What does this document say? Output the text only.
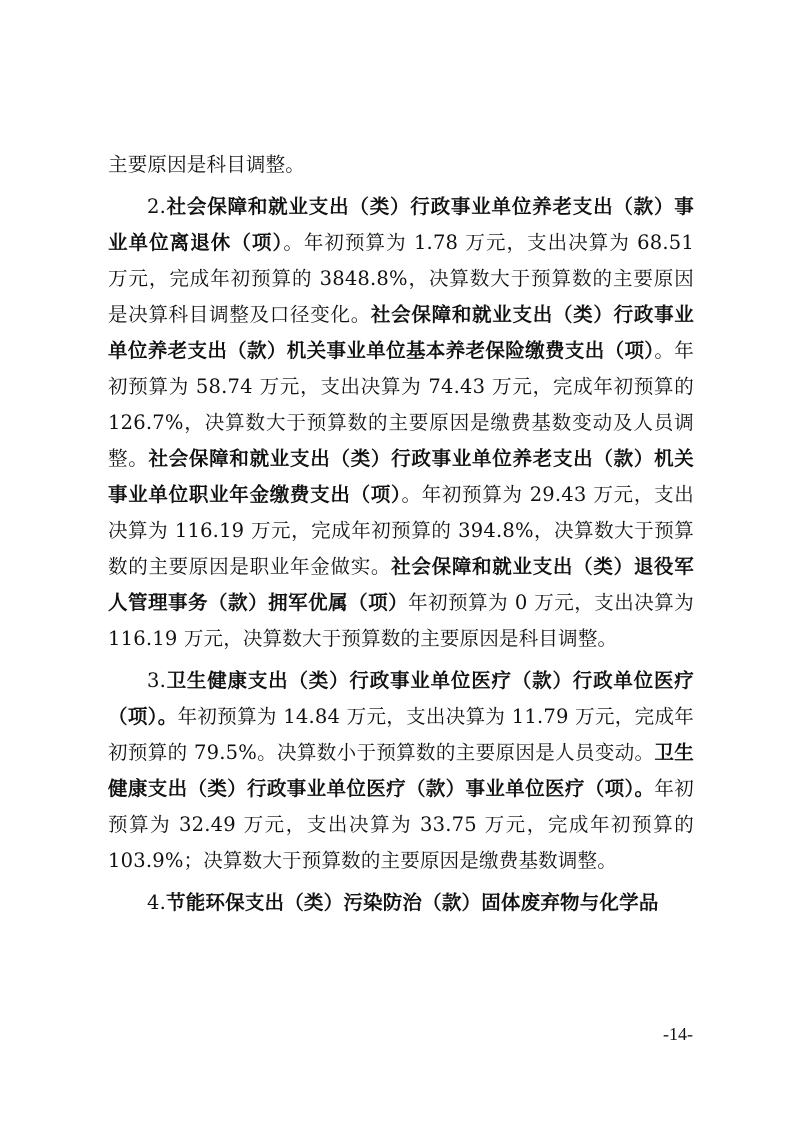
主要原因是科目调整。

2.社会保障和就业支出（类）行政事业单位养老支出（款）事业单位离退休（项）。年初预算为 1.78 万元，支出决算为 68.51 万元，完成年初预算的 3848.8%，决算数大于预算数的主要原因是决算科目调整及口径变化。社会保障和就业支出（类）行政事业单位养老支出（款）机关事业单位基本养老保险缴费支出（项）。年初预算为 58.74 万元，支出决算为 74.43 万元，完成年初预算的 126.7%，决算数大于预算数的主要原因是缴费基数变动及人员调整。社会保障和就业支出（类）行政事业单位养老支出（款）机关事业单位职业年金缴费支出（项）。年初预算为 29.43 万元，支出决算为 116.19 万元，完成年初预算的 394.8%，决算数大于预算数的主要原因是职业年金做实。社会保障和就业支出（类）退役军人管理事务（款）拥军优属（项）年初预算为 0 万元，支出决算为 116.19 万元，决算数大于预算数的主要原因是科目调整。

3.卫生健康支出（类）行政事业单位医疗（款）行政单位医疗（项）。年初预算为 14.84 万元，支出决算为 11.79 万元，完成年初预算的 79.5%。决算数小于预算数的主要原因是人员变动。卫生健康支出（类）行政事业单位医疗（款）事业单位医疗（项）。年初预算为 32.49 万元，支出决算为 33.75 万元，完成年初预算的 103.9%；决算数大于预算数的主要原因是缴费基数调整。

4.节能环保支出（类）污染防治（款）固体废弃物与化学品

-14-
